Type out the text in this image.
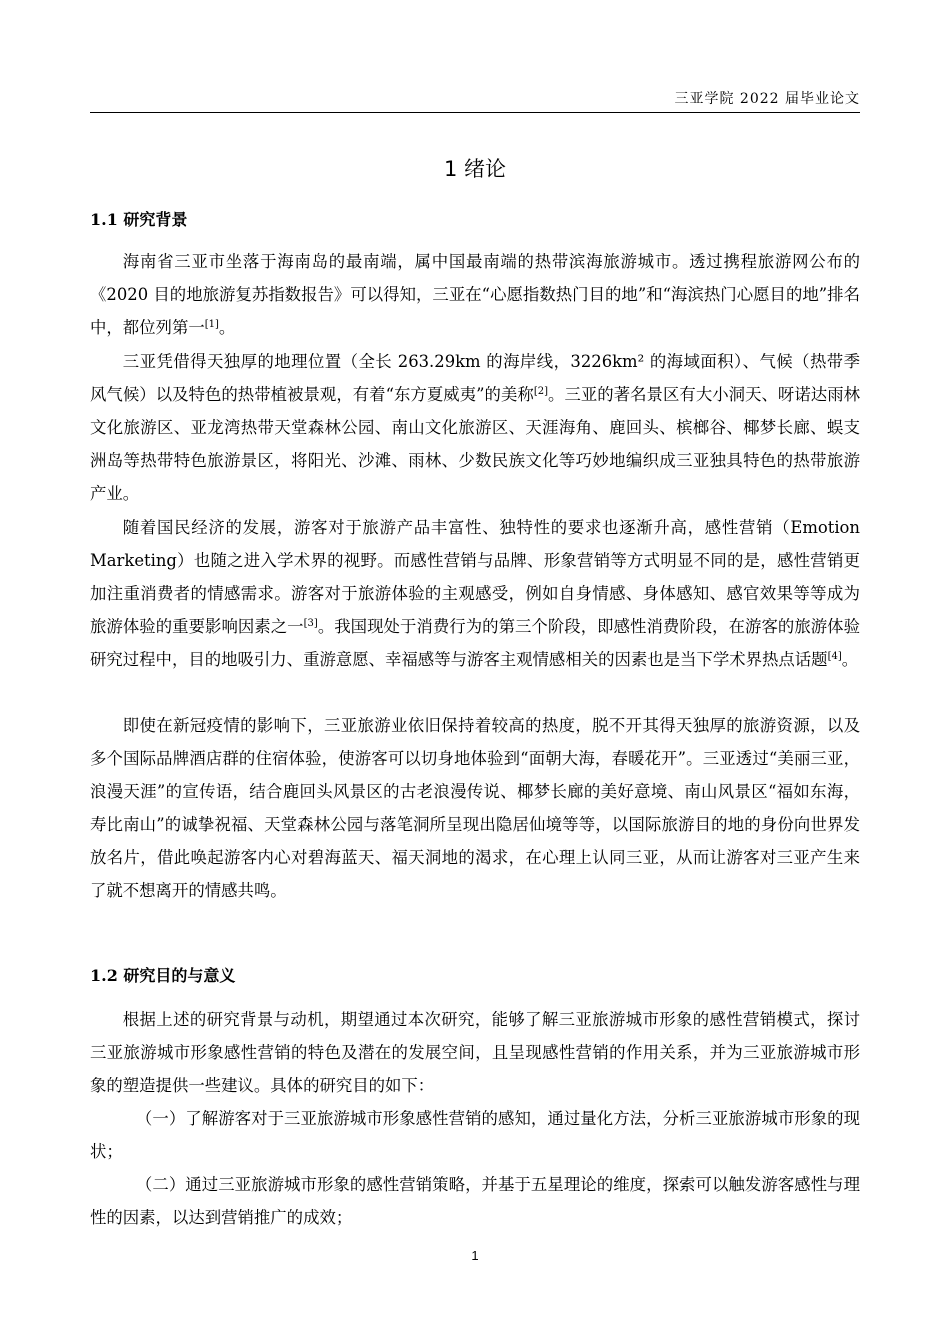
三亚学院 2022 届毕业论文
1 绪论
1.1 研究背景

海南省三亚市坐落于海南岛的最南端，属中国最南端的热带滨海旅游城市。透过携程旅游网公布的《2020 目的地旅游复苏指数报告》可以得知，三亚在“心愿指数热门目的地”和“海滨热门心愿目的地”排名中，都位列第一[1]。

三亚凭借得天独厚的地理位置（全长 263.29km 的海岸线，3226km² 的海域面积）、气候（热带季风气候）以及特色的热带植被景观，有着“东方夏威夷”的美称[2]。三亚的著名景区有大小洞天、呀诺达雨林文化旅游区、亚龙湾热带天堂森林公园、南山文化旅游区、天涯海角、鹿回头、槟榔谷、椰梦长廊、蜈支洲岛等热带特色旅游景区，将阳光、沙滩、雨林、少数民族文化等巧妙地编织成三亚独具特色的热带旅游产业。

随着国民经济的发展，游客对于旅游产品丰富性、独特性的要求也逐渐升高，感性营销（Emotion Marketing）也随之进入学术界的视野。而感性营销与品牌、形象营销等方式明显不同的是，感性营销更加注重消费者的情感需求。游客对于旅游体验的主观感受，例如自身情感、身体感知、感官效果等等成为旅游体验的重要影响因素之一[3]。我国现处于消费行为的第三个阶段，即感性消费阶段，在游客的旅游体验研究过程中，目的地吸引力、重游意愿、幸福感等与游客主观情感相关的因素也是当下学术界热点话题[4]。

即使在新冠疫情的影响下，三亚旅游业依旧保持着较高的热度，脱不开其得天独厚的旅游资源，以及多个国际品牌酒店群的住宿体验，使游客可以切身地体验到“面朝大海，春暖花开”。三亚透过“美丽三亚，浪漫天涯”的宣传语，结合鹿回头风景区的古老浪漫传说、椰梦长廊的美好意境、南山风景区“福如东海，寿比南山”的诚挚祝福、天堂森林公园与落笔洞所呈现出隐居仙境等等，以国际旅游目的地的身份向世界发放名片，借此唤起游客内心对碧海蓝天、福天洞地的渴求，在心理上认同三亚，从而让游客对三亚产生来了就不想离开的情感共鸣。

1.2 研究目的与意义

根据上述的研究背景与动机，期望通过本次研究，能够了解三亚旅游城市形象的感性营销模式，探讨三亚旅游城市形象感性营销的特色及潜在的发展空间，且呈现感性营销的作用关系，并为三亚旅游城市形象的塑造提供一些建议。具体的研究目的如下：

（一）了解游客对于三亚旅游城市形象感性营销的感知，通过量化方法，分析三亚旅游城市形象的现状；

（二）通过三亚旅游城市形象的感性营销策略，并基于五星理论的维度，探索可以触发游客感性与理性的因素，以达到营销推广的成效；

1
